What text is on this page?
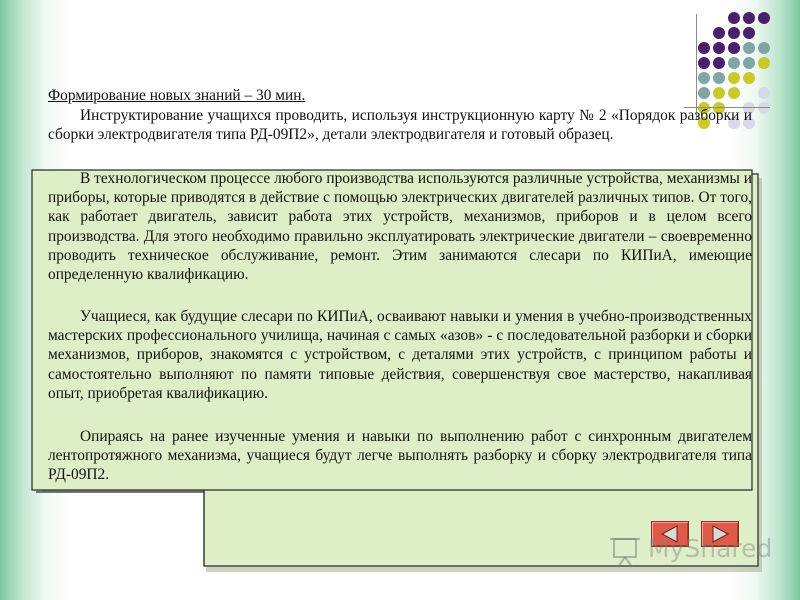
Формирование новых знаний – 30 мин.

Инструктирование учащихся проводить, используя инструкционную карту № 2 «Порядок разборки и сборки электродвигателя типа РД-09П2», детали электродвигателя и готовый образец.

В технологическом процессе любого производства используются различные устройства, механизмы и приборы, которые приводятся в действие с помощью электрических двигателей различных типов. От того, как работает двигатель, зависит работа этих устройств, механизмов, приборов и в целом всего производства. Для этого необходимо правильно эксплуатировать электрические двигатели – своевременно проводить техническое обслуживание, ремонт. Этим занимаются слесари по КИПиА, имеющие определенную квалификацию.

Учащиеся, как будущие слесари по КИПиА, осваивают навыки и умения в учебно-производственных мастерских профессионального училища, начиная с самых «азов» - с последовательной разборки и сборки механизмов, приборов, знакомятся с устройством, с деталями этих устройств, с принципом работы и самостоятельно выполняют по памяти типовые действия, совершенствуя свое мастерство, накапливая опыт, приобретая квалификацию.

Опираясь на ранее изученные умения и навыки по выполнению работ с синхронным двигателем лентопротяжного механизма, учащиеся будут легче выполнять разборку и сборку электродвигателя типа РД-09П2.

MyShared
